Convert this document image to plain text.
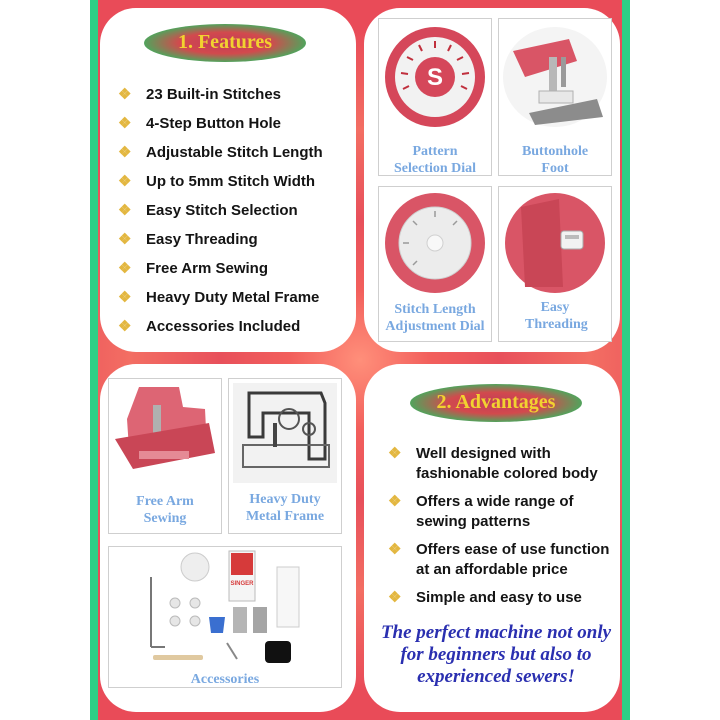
1. Features
❖ 23 Built-in Stitches
❖ 4-Step Button Hole
❖ Adjustable Stitch Length
❖ Up to 5mm Stitch Width
❖ Easy Stitch Selection
❖ Easy Threading
❖ Free Arm Sewing
❖ Heavy Duty Metal Frame
❖ Accessories Included
S
Pattern Selection Dial
Buttonhole Foot
Stitch Length Adjustment Dial
Easy Threading
Free Arm Sewing
Heavy Duty Metal Frame
SINGER
Accessories
2. Advantages
❖ Well designed with fashionable colored body
❖ Offers a wide range of sewing patterns
❖ Offers ease of use function at an affordable price
❖ Simple and easy to use
The perfect machine not only for beginners but also to experienced sewers!
